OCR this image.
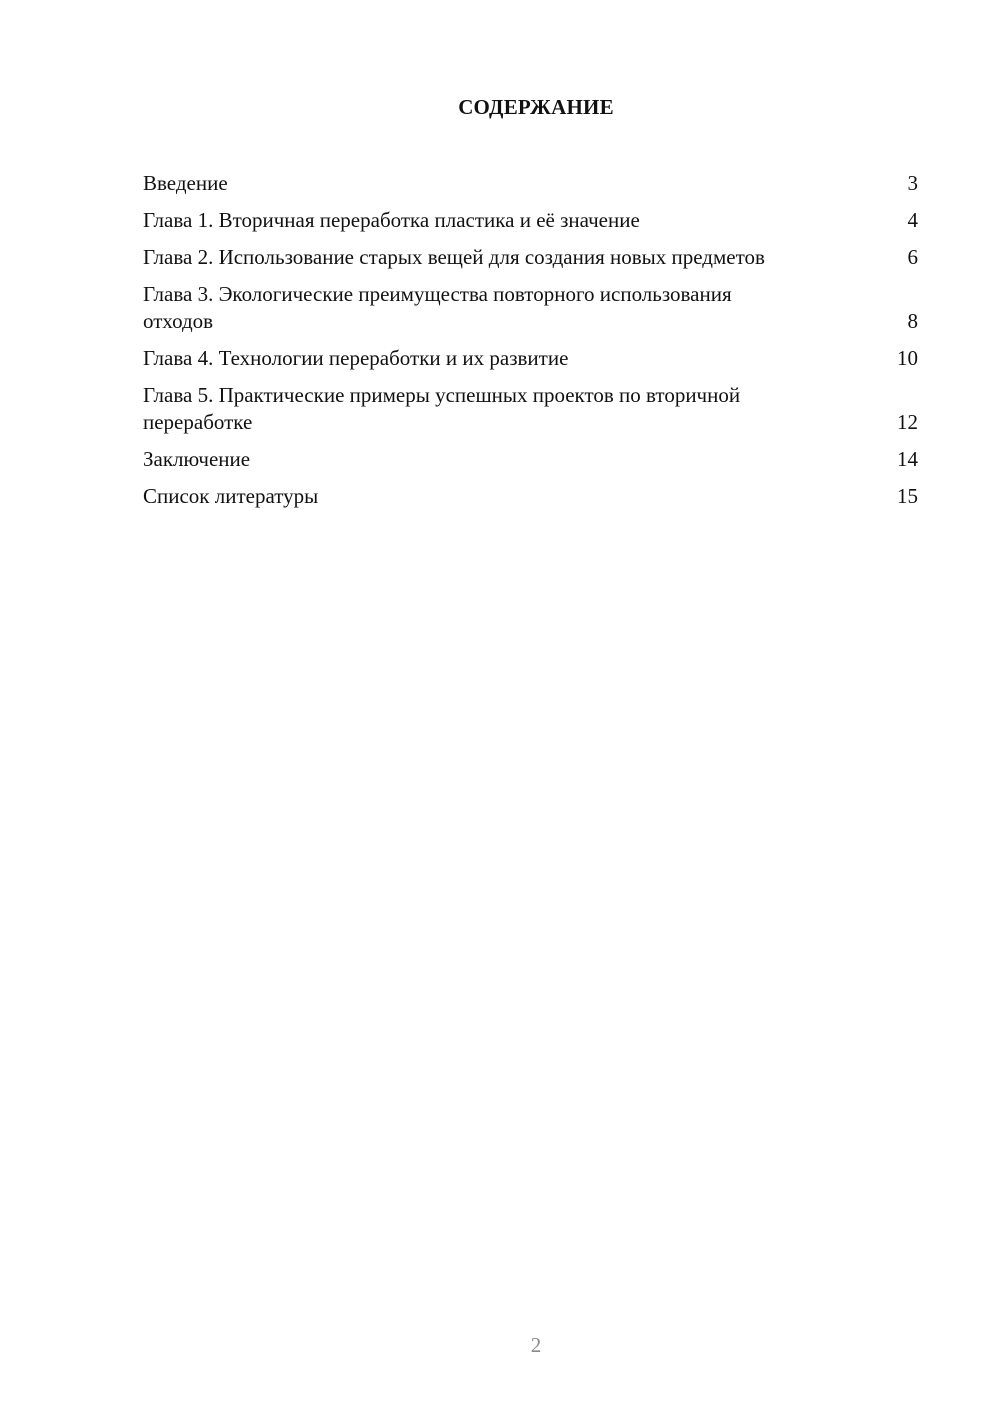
СОДЕРЖАНИЕ
Введение	3
Глава 1. Вторичная переработка пластика и её значение	4
Глава 2. Использование старых вещей для создания новых предметов	6
Глава 3. Экологические преимущества повторного использования отходов	8
Глава 4. Технологии переработки и их развитие	10
Глава 5. Практические примеры успешных проектов по вторичной переработке	12
Заключение	14
Список литературы	15
2
